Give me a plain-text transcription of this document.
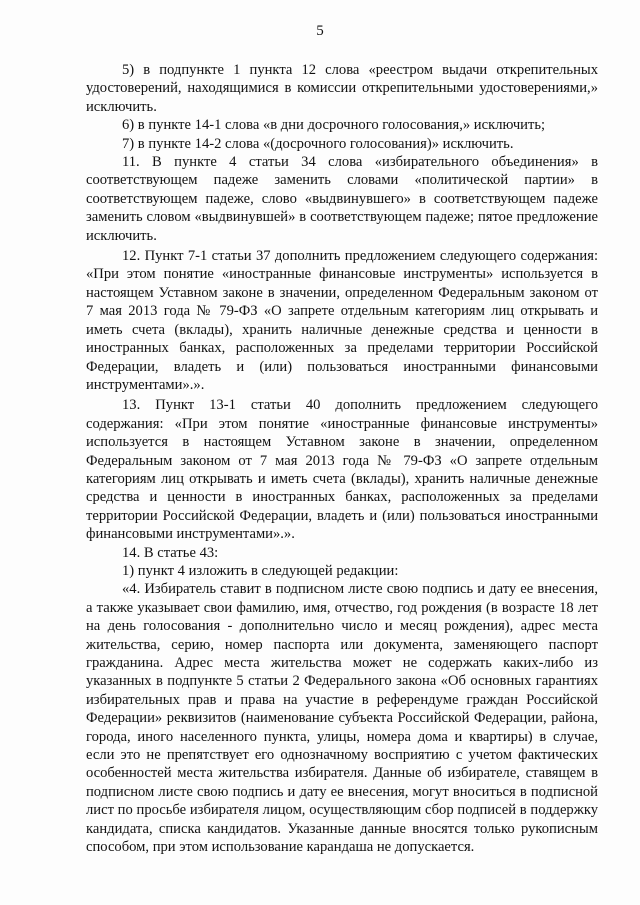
5

5) в подпункте 1 пункта 12 слова «реестром выдачи открепительных удостоверений, находящимися в комиссии открепительными удостоверениями,» исключить.

6) в пункте 14-1 слова «в дни досрочного голосования,» исключить;

7) в пункте 14-2 слова «(досрочного голосования)» исключить.

11. В пункте 4 статьи 34 слова «избирательного объединения» в соответствующем падеже заменить словами «политической партии» в соответствующем падеже, слово «выдвинувшего» в соответствующем падеже заменить словом «выдвинувшей» в соответствующем падеже; пятое предложение исключить.

12. Пункт 7-1 статьи 37 дополнить предложением следующего содержания: «При этом понятие «иностранные финансовые инструменты» используется в настоящем Уставном законе в значении, определенном Федеральным законом от 7 мая 2013 года № 79-ФЗ «О запрете отдельным категориям лиц открывать и иметь счета (вклады), хранить наличные денежные средства и ценности в иностранных банках, расположенных за пределами территории Российской Федерации, владеть и (или) пользоваться иностранными финансовыми инструментами».».

13. Пункт 13-1 статьи 40 дополнить предложением следующего содержания: «При этом понятие «иностранные финансовые инструменты» используется в настоящем Уставном законе в значении, определенном Федеральным законом от 7 мая 2013 года № 79-ФЗ «О запрете отдельным категориям лиц открывать и иметь счета (вклады), хранить наличные денежные средства и ценности в иностранных банках, расположенных за пределами территории Российской Федерации, владеть и (или) пользоваться иностранными финансовыми инструментами».».

14. В статье 43:

1) пункт 4 изложить в следующей редакции:

«4. Избиратель ставит в подписном листе свою подпись и дату ее внесения, а также указывает свои фамилию, имя, отчество, год рождения (в возрасте 18 лет на день голосования - дополнительно число и месяц рождения), адрес места жительства, серию, номер паспорта или документа, заменяющего паспорт гражданина. Адрес места жительства может не содержать каких-либо из указанных в подпункте 5 статьи 2 Федерального закона «Об основных гарантиях избирательных прав и права на участие в референдуме граждан Российской Федерации» реквизитов (наименование субъекта Российской Федерации, района, города, иного населенного пункта, улицы, номера дома и квартиры) в случае, если это не препятствует его однозначному восприятию с учетом фактических особенностей места жительства избирателя. Данные об избирателе, ставящем в подписном листе свою подпись и дату ее внесения, могут вноситься в подписной лист по просьбе избирателя лицом, осуществляющим сбор подписей в поддержку кандидата, списка кандидатов. Указанные данные вносятся только рукописным способом, при этом использование карандаша не допускается.
